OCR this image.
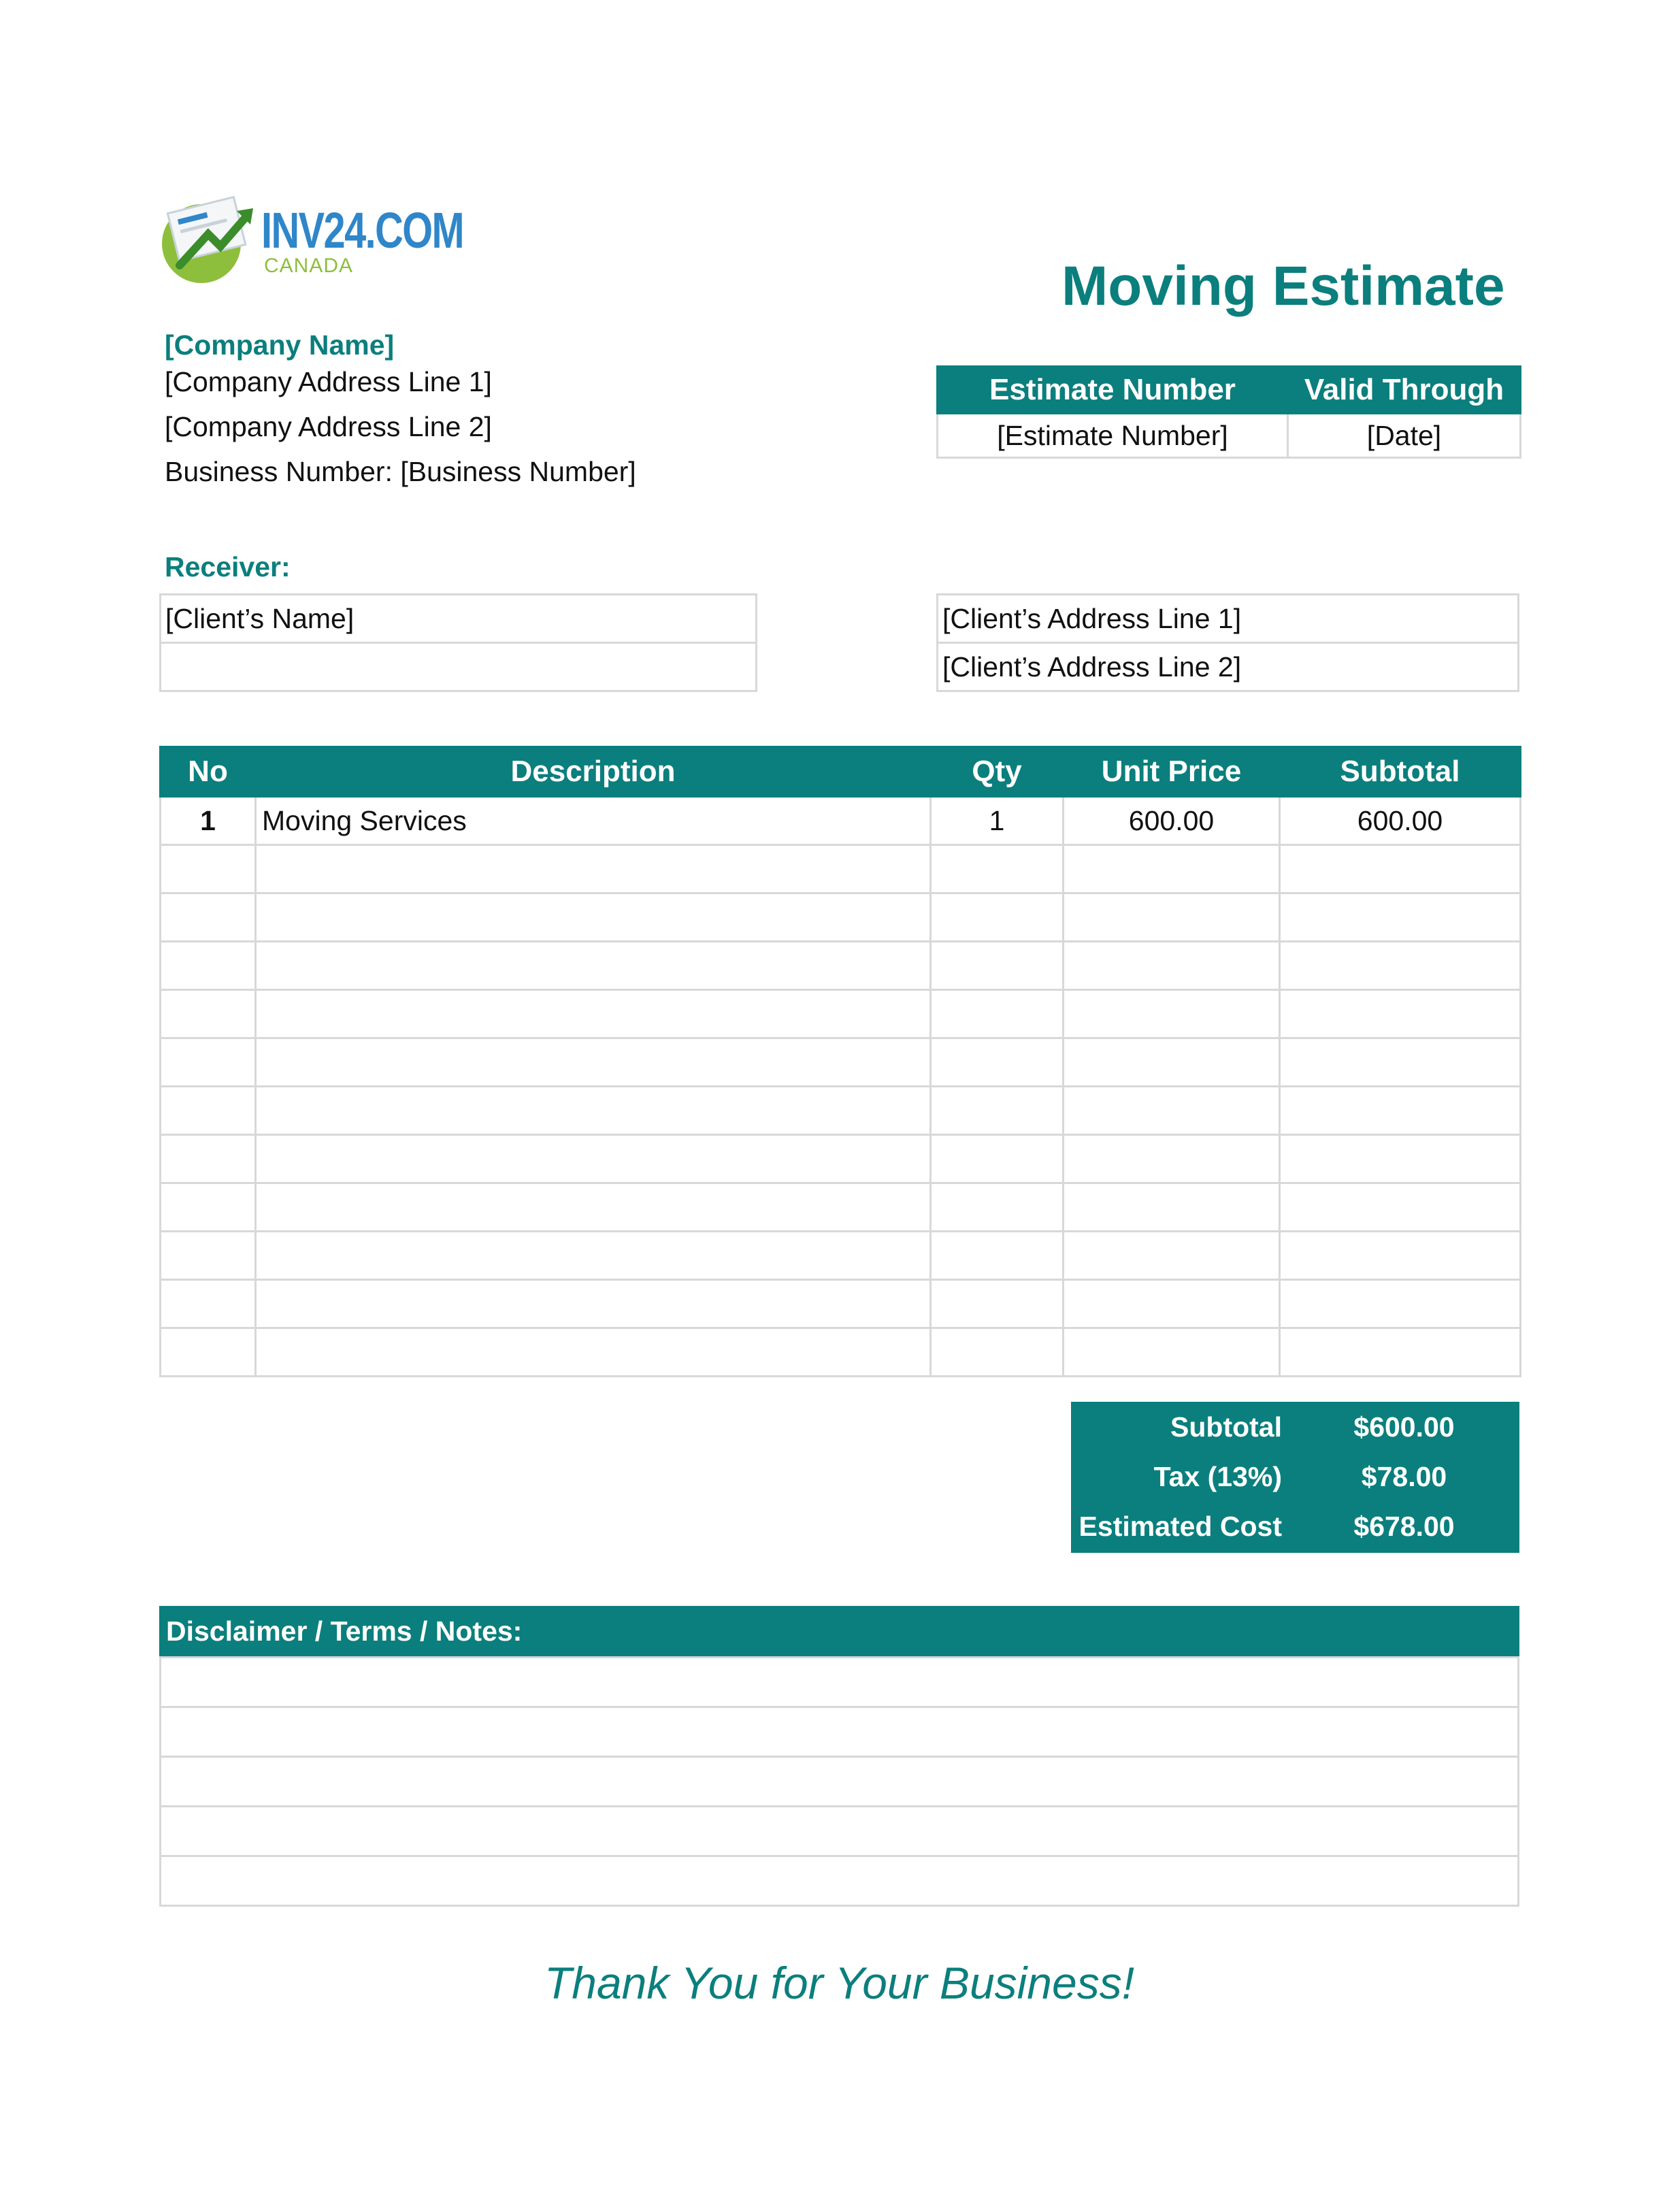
INV24.COM
CANADA	Moving Estimate
[Company Name]
[Company Address Line 1]
[Company Address Line 2]
Business Number: [Business Number]
Estimate Number	Valid Through
[Estimate Number]	[Date]
Receiver:
[Client’s Name]	[Client’s Address Line 1]
[Client’s Address Line 2]
No	Description	Qty	Unit Price	Subtotal
1	Moving Services	1	600.00	600.00

Subtotal	$600.00
Tax (13%)	$78.00
Estimated Cost	$678.00
Disclaimer / Terms / Notes:

Thank You for Your Business!
